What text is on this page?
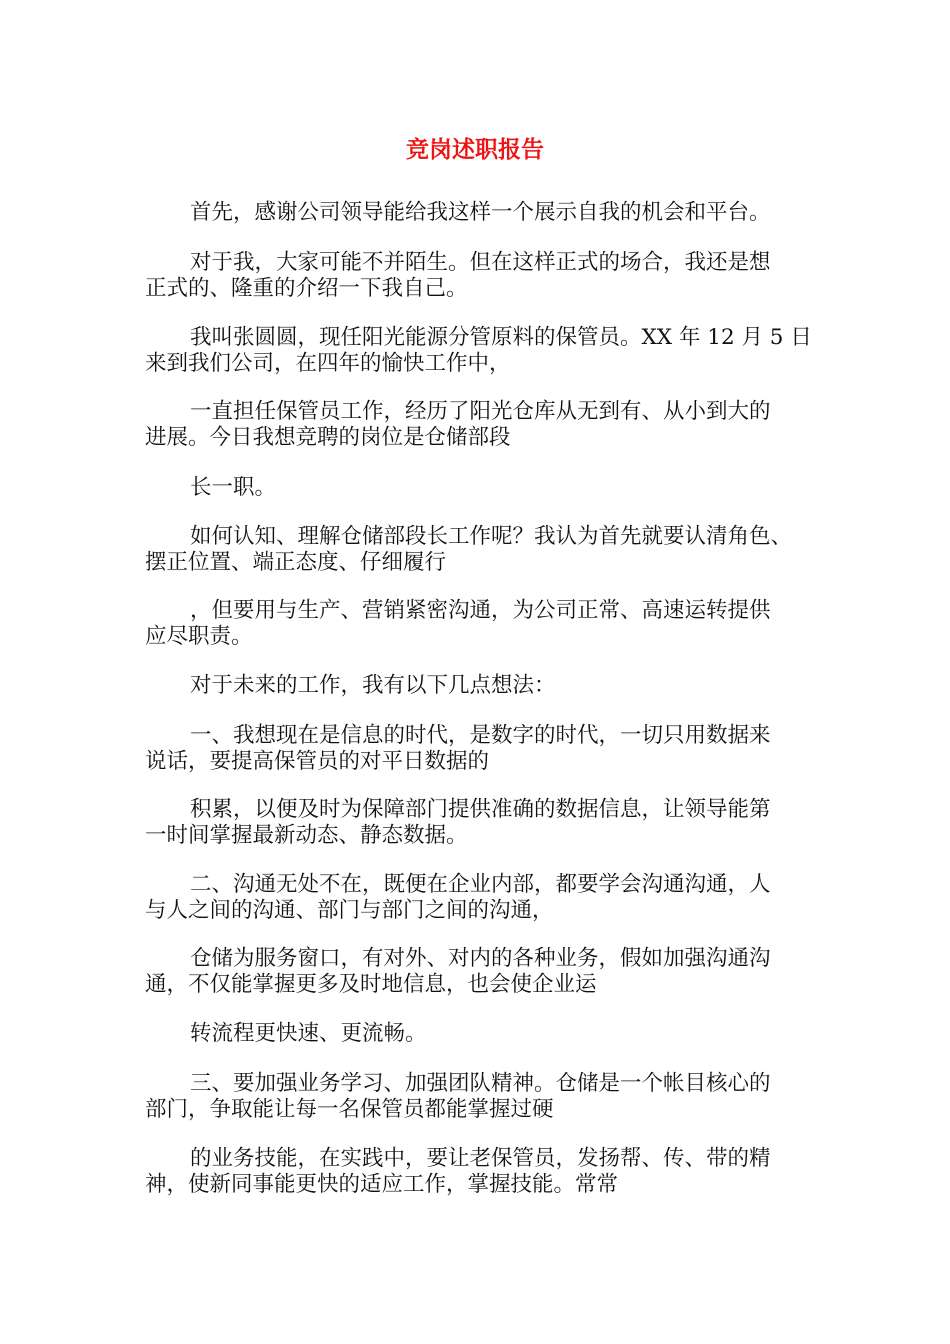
竞岗述职报告
首先，感谢公司领导能给我这样一个展示自我的机会和平台。
对于我，大家可能不并陌生。但在这样正式的场合，我还是想
正式的、隆重的介绍一下我自己。
我叫张圆圆，现任阳光能源分管原料的保管员。XX 年 12 月 5 日
来到我们公司，在四年的愉快工作中，
一直担任保管员工作，经历了阳光仓库从无到有、从小到大的
进展。今日我想竞聘的岗位是仓储部段
长一职。
如何认知、理解仓储部段长工作呢？我认为首先就要认清角色、
摆正位置、端正态度、仔细履行
，但要用与生产、营销紧密沟通，为公司正常、高速运转提供
应尽职责。
对于未来的工作，我有以下几点想法：
一、我想现在是信息的时代，是数字的时代，一切只用数据来
说话，要提高保管员的对平日数据的
积累，以便及时为保障部门提供准确的数据信息，让领导能第
一时间掌握最新动态、静态数据。
二、沟通无处不在，既便在企业内部，都要学会沟通沟通，人
与人之间的沟通、部门与部门之间的沟通，
仓储为服务窗口，有对外、对内的各种业务，假如加强沟通沟
通，不仅能掌握更多及时地信息，也会使企业运
转流程更快速、更流畅。
三、要加强业务学习、加强团队精神。仓储是一个帐目核心的
部门，争取能让每一名保管员都能掌握过硬
的业务技能，在实践中，要让老保管员，发扬帮、传、带的精
神，使新同事能更快的适应工作，掌握技能。常常
